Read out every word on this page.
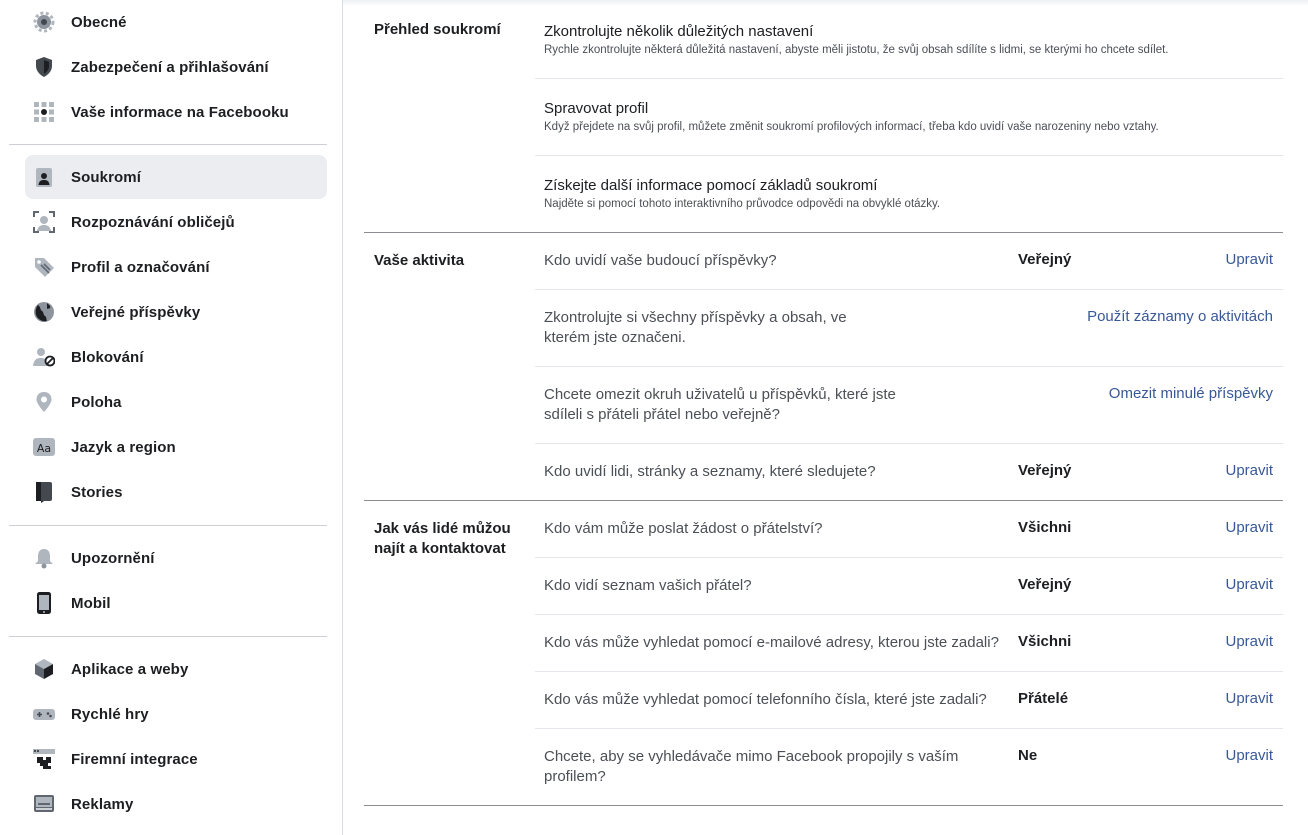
Obecné
Zabezpečení a přihlašování
Vaše informace na Facebooku
Soukromí
Rozpoznávání obličejů
Profil a označování
Veřejné příspěvky
Blokování
Poloha
Aa Jazyk a region
Stories
Upozornění
Mobil
Aplikace a weby
Rychlé hry
Firemní integrace
Reklamy
Přehled soukromí	Zkontrolujte několik důležitých nastavení
Rychle zkontrolujte některá důležitá nastavení, abyste měli jistotu, že svůj obsah sdílíte s lidmi, se kterými ho chcete sdílet.
Spravovat profil
Když přejdete na svůj profil, můžete změnit soukromí profilových informací, třeba kdo uvidí vaše narozeniny nebo vztahy.
Získejte další informace pomocí základů soukromí
Najděte si pomocí tohoto interaktivního průvodce odpovědi na obvyklé otázky.
Vaše aktivita	Kdo uvidí vaše budoucí příspěvky?	Veřejný	Upravit
Zkontrolujte si všechny příspěvky a obsah, ve
kterém jste označeni.
Použít záznamy o aktivitách
Chcete omezit okruh uživatelů u příspěvků, které jste
sdíleli s přáteli přátel nebo veřejně?
Omezit minulé příspěvky
Kdo uvidí lidi, stránky a seznamy, které sledujete?	Veřejný	Upravit
Jak vás lidé můžou
najít a kontaktovat
Kdo vám může poslat žádost o přátelství?	Všichni	Upravit
Kdo vidí seznam vašich přátel?	Veřejný	Upravit
Kdo vás může vyhledat pomocí e-mailové adresy, kterou jste zadali? Všichni	Upravit
Kdo vás může vyhledat pomocí telefonního čísla, které jste zadali? Přátelé	Upravit
Chcete, aby se vyhledávače mimo Facebook propojily s vaším
profilem?
Ne	Upravit
